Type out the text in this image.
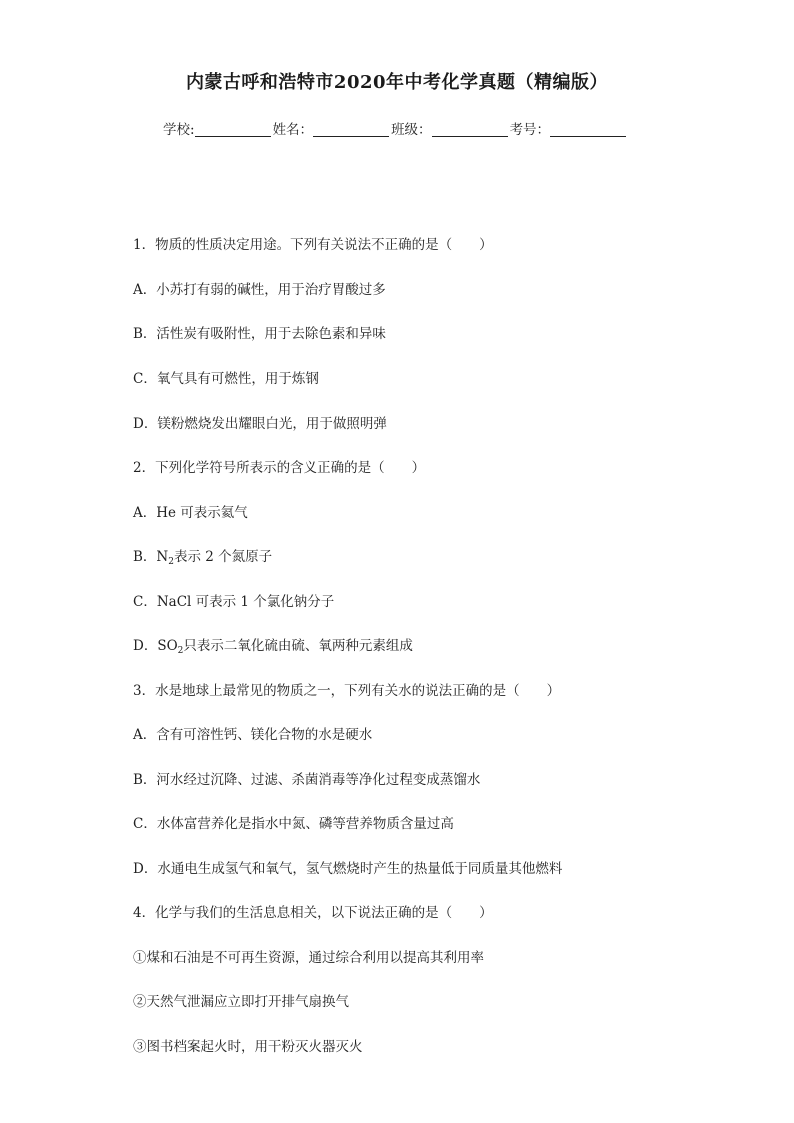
内蒙古呼和浩特市2020年中考化学真题（精编版）
学校:	姓名：	班级：	考号：
1．物质的性质决定用途。下列有关说法不正确的是（　　）
A．小苏打有弱的碱性，用于治疗胃酸过多
B．活性炭有吸附性，用于去除色素和异味
C．氧气具有可燃性，用于炼钢
D．镁粉燃烧发出耀眼白光，用于做照明弹
2．下列化学符号所表示的含义正确的是（　　）
A．He 可表示氦气
B．$N_2$表示 2 个氮原子
C．NaCl 可表示 1 个氯化钠分子
D．$SO_2$只表示二氧化硫由硫、氧两种元素组成
3．水是地球上最常见的物质之一，下列有关水的说法正确的是（　　）
A．含有可溶性钙、镁化合物的水是硬水
B．河水经过沉降、过滤、杀菌消毒等净化过程变成蒸馏水
C．水体富营养化是指水中氮、磷等营养物质含量过高
D．水通电生成氢气和氧气，氢气燃烧时产生的热量低于同质量其他燃料
4．化学与我们的生活息息相关，以下说法正确的是（　　）
①煤和石油是不可再生资源，通过综合利用以提高其利用率
②天然气泄漏应立即打开排气扇换气
③图书档案起火时，用干粉灭火器灭火
